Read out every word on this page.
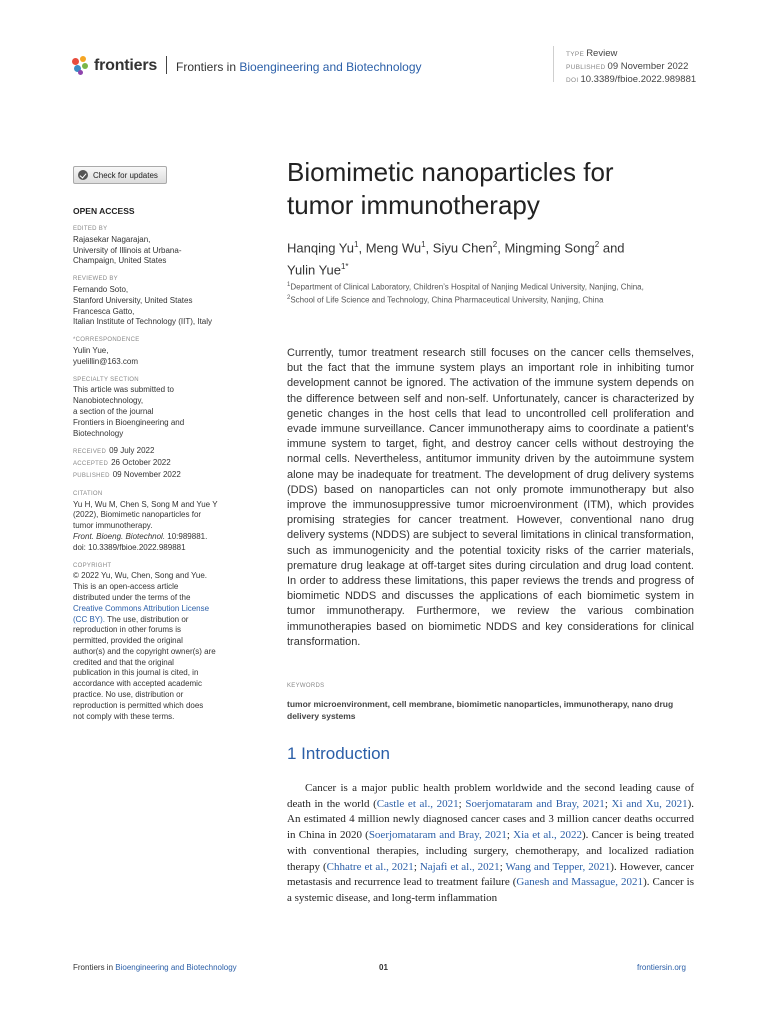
frontiers Frontiers in Bioengineering and Biotechnology
TYPE Review
PUBLISHED 09 November 2022
DOI 10.3389/fbioe.2022.989881
Check for updates
OPEN ACCESS
EDITED BY
Rajasekar Nagarajan,
University of Illinois at Urbana-
Champaign, United States
REVIEWED BY
Fernando Soto,
Stanford University, United States
Francesca Gatto,
Italian Institute of Technology (IIT), Italy
*CORRESPONDENCE
Yulin Yue,
yuelillin@163.com
SPECIALTY SECTION
This article was submitted to
Nanobiotechnology,
a section of the journal
Frontiers in Bioengineering and
Biotechnology
RECEIVED 09 July 2022
ACCEPTED 26 October 2022
PUBLISHED 09 November 2022
CITATION
Yu H, Wu M, Chen S, Song M and Yue Y
(2022), Biomimetic nanoparticles for
tumor immunotherapy.
Front. Bioeng. Biotechnol. 10:989881.
doi: 10.3389/fbioe.2022.989881
COPYRIGHT
© 2022 Yu, Wu, Chen, Song and Yue.
This is an open-access article
distributed under the terms of the
Creative Commons Attribution License
(CC BY). The use, distribution or
reproduction in other forums is
permitted, provided the original
author(s) and the copyright owner(s) are
credited and that the original
publication in this journal is cited, in
accordance with accepted academic
practice. No use, distribution or
reproduction is permitted which does
not comply with these terms.
Biomimetic nanoparticles for
tumor immunotherapy
Hanqing Yu$^1$, Meng Wu$^1$, Siyu Chen$^2$, Mingming Song$^2$ and
Yulin Yue$^{1*}$
$^1$Department of Clinical Laboratory, Children’s Hospital of Nanjing Medical University, Nanjing, China,
$^2$School of Life Science and Technology, China Pharmaceutical University, Nanjing, China
Currently, tumor treatment research still focuses on the cancer cells themselves, but the fact that the immune system plays an important role in inhibiting tumor development cannot be ignored. The activation of the immune system depends on the difference between self and non-self. Unfortunately, cancer is characterized by genetic changes in the host cells that lead to uncontrolled cell proliferation and evade immune surveillance. Cancer immunotherapy aims to coordinate a patient’s immune system to target, fight, and destroy cancer cells without destroying the normal cells. Nevertheless, antitumor immunity driven by the autoimmune system alone may be inadequate for treatment. The development of drug delivery systems (DDS) based on nanoparticles can not only promote immunotherapy but also improve the immunosuppressive tumor microenvironment (ITM), which provides promising strategies for cancer treatment. However, conventional nano drug delivery systems (NDDS) are subject to several limitations in clinical transformation, such as immunogenicity and the potential toxicity risks of the carrier materials, premature drug leakage at off-target sites during circulation and drug load content. In order to address these limitations, this paper reviews the trends and progress of biomimetic NDDS and discusses the applications of each biomimetic system in tumor immunotherapy. Furthermore, we review the various combination immunotherapies based on biomimetic NDDS and key considerations for clinical transformation.
KEYWORDS
tumor microenvironment, cell membrane, biomimetic nanoparticles, immunotherapy, nano drug delivery systems
1 Introduction
Cancer is a major public health problem worldwide and the second leading cause of death in the world (Castle et al., 2021; Soerjomataram and Bray, 2021; Xi and Xu, 2021). An estimated 4 million newly diagnosed cancer cases and 3 million cancer deaths occurred in China in 2020 (Soerjomataram and Bray, 2021; Xia et al., 2022). Cancer is being treated with conventional therapies, including surgery, chemotherapy, and localized radiation therapy (Chhatre et al., 2021; Najafi et al., 2021; Wang and Tepper, 2021). However, cancer metastasis and recurrence lead to treatment failure (Ganesh and Massague, 2021). Cancer is a systemic disease, and long-term inflammation
Frontiers in Bioengineering and Biotechnology	01	frontiersin.org
